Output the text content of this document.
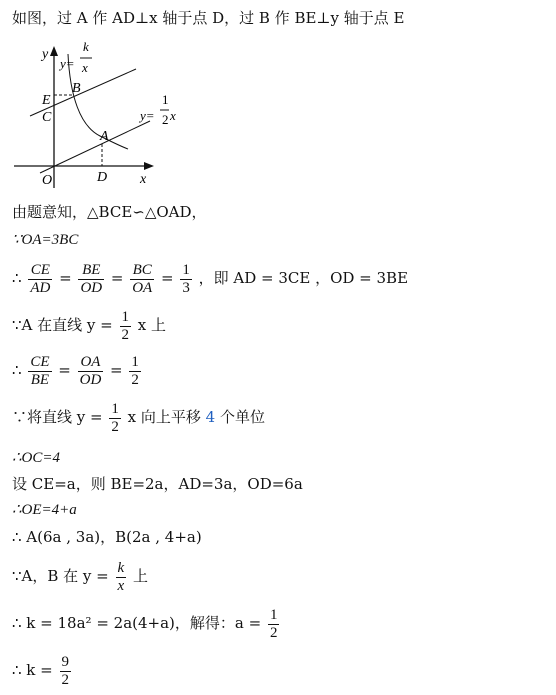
如图，过 A 作 AD⊥x 轴于点 D，过 B 作 BE⊥y 轴于点 E
y
x
O	D
A
B
C
E
y=
k
x
y=
1
2 x
由题意知，△BCE∽△OAD，
∵OA=3BC
∴ $\frac{CE}{AD} = \frac{BE}{OD} = \frac{BC}{OA} = \frac{1}{3}$ ，即 AD = 3CE ，OD = 3BE
∵A 在直线 $y = \frac{1}{2}$ x 上
∴ $\frac{CE}{BE} = \frac{OA}{OD} = \frac{1}{2}$
∵将直线 $y = \frac{1}{2}$ x 向上平移 4 个单位
∴OC=4
设 CE=a，则 BE=2a，AD=3a，OD=6a
∴OE=4+a
∴ A(6a , 3a)，B(2a , 4+a)
∵A，B 在 $y = \frac{k}{x}$ 上
∴ k = 18a² = 2a(4+a)，解得：$a = \frac{1}{2}$
∴ $k = \frac{9}{2}$
